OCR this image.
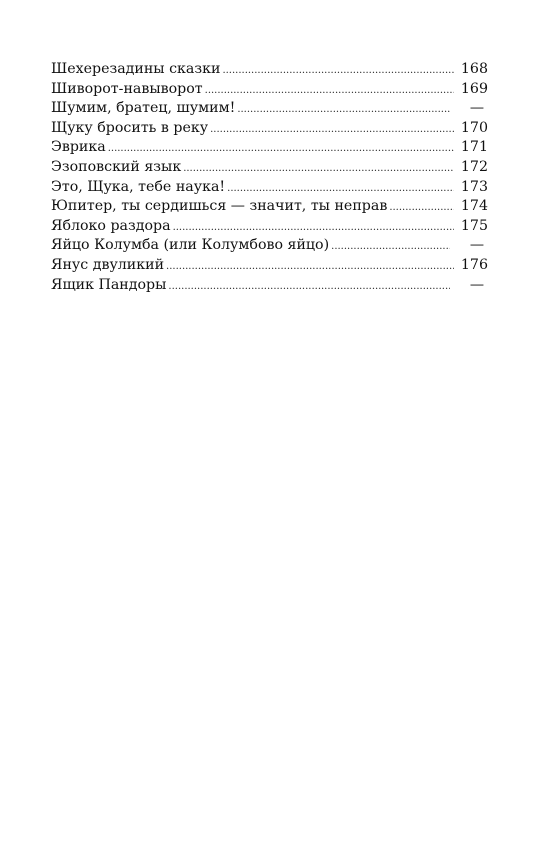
Шехерезадины сказки .....	168
Шиворот-навыворот .....	169
Шумим, братец, шумим! .....	—
Щуку бросить в реку .....	170
Эврика .....	171
Эзоповский язык .....	172
Это, Щука, тебе наука! .....	173
Юпитер, ты сердишься — значит, ты неправ .....	174
Яблоко раздора .....	175
Яйцо Колумба (или Колумбово яйцо) .....	—
Янус двуликий .....	176
Ящик Пандоры .....	—
